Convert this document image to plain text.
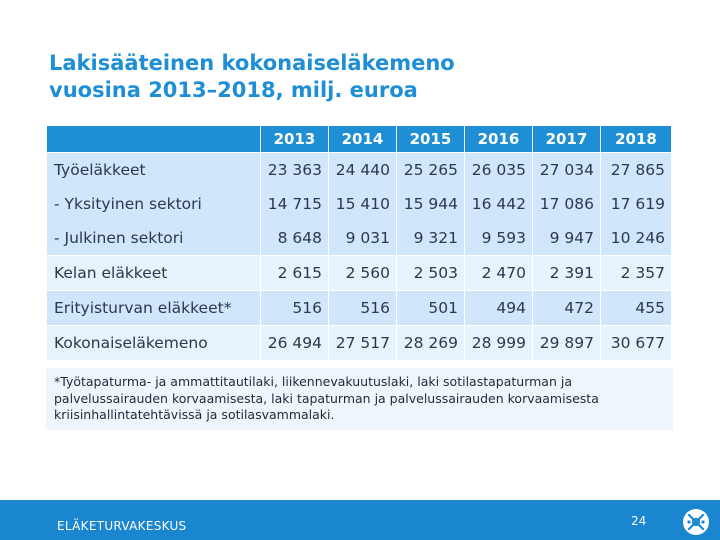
Lakisääteinen kokonaiseläkemeno
vuosina 2013–2018, milj. euroa
	2013	2014	2015	2016	2017	2018
Työeläkkeet	23 363	24 440	25 265	26 035	27 034	27 865
- Yksityinen sektori	14 715	15 410	15 944	16 442	17 086	17 619
- Julkinen sektori	8 648	9 031	9 321	9 593	9 947	10 246
Kelan eläkkeet	2 615	2 560	2 503	2 470	2 391	2 357
Erityisturvan eläkkeet*	516	516	501	494	472	455
Kokonaiseläkemeno	26 494	27 517	28 269	28 999	29 897	30 677
*Työtapaturma- ja ammattitautilaki, liikennevakuutuslaki, laki sotilastapaturman ja
palvelussairauden korvaamisesta, laki tapaturman ja palvelussairauden korvaamisesta
kriisinhallintatehtävissä ja sotilasvammalaki.
ELÄKETURVAKESKUS	24
